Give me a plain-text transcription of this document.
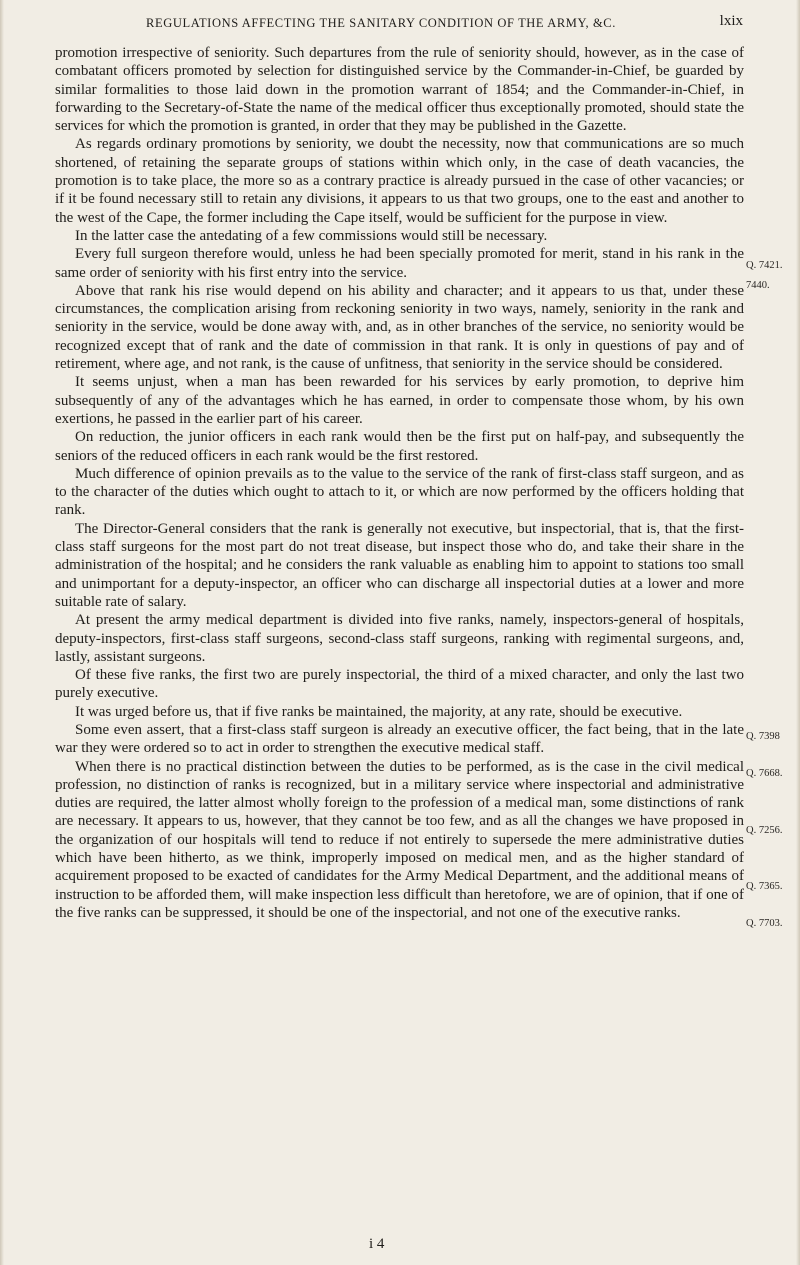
REGULATIONS AFFECTING THE SANITARY CONDITION OF THE ARMY, &C.	lxix

promotion irrespective of seniority. Such departures from the rule of seniority should, however, as in the case of combatant officers promoted by selection for distinguished service by the Commander-in-Chief, be guarded by similar formalities to those laid down in the promotion warrant of 1854; and the Commander-in-Chief, in forwarding to the Secretary-of-State the name of the medical officer thus exceptionally promoted, should state the services for which the promotion is granted, in order that they may be published in the Gazette.

As regards ordinary promotions by seniority, we doubt the necessity, now that communications are so much shortened, of retaining the separate groups of stations within which only, in the case of death vacancies, the promotion is to take place, the more so as a contrary practice is already pursued in the case of other vacancies; or if it be found necessary still to retain any divisions, it appears to us that two groups, one to the east and another to the west of the Cape, the former including the Cape itself, would be sufficient for the purpose in view.

In the latter case the antedating of a few commissions would still be necessary.

Every full surgeon therefore would, unless he had been specially promoted for merit, stand in his rank in the same order of seniority with his first entry into the service.

Above that rank his rise would depend on his ability and character; and it appears to us that, under these circumstances, the complication arising from reckoning seniority in two ways, namely, seniority in the rank and seniority in the service, would be done away with, and, as in other branches of the service, no seniority would be recognized except that of rank and the date of commission in that rank. It is only in questions of pay and of retirement, where age, and not rank, is the cause of unfitness, that seniority in the service should be considered.

It seems unjust, when a man has been rewarded for his services by early promotion, to deprive him subsequently of any of the advantages which he has earned, in order to compensate those whom, by his own exertions, he passed in the earlier part of his career.

On reduction, the junior officers in each rank would then be the first put on half-pay, and subsequently the seniors of the reduced officers in each rank would be the first restored.

Much difference of opinion prevails as to the value to the service of the rank of first-class staff surgeon, and as to the character of the duties which ought to attach to it, or which are now performed by the officers holding that rank.

The Director-General considers that the rank is generally not executive, but inspectorial, that is, that the first-class staff surgeons for the most part do not treat disease, but inspect those who do, and take their share in the administration of the hospital; and he considers the rank valuable as enabling him to appoint to stations too small and unimportant for a deputy-inspector, an officer who can discharge all inspectorial duties at a lower and more suitable rate of salary.

At present the army medical department is divided into five ranks, namely, inspectors-general of hospitals, deputy-inspectors, first-class staff surgeons, second-class staff surgeons, ranking with regimental surgeons, and, lastly, assistant surgeons.

Of these five ranks, the first two are purely inspectorial, the third of a mixed character, and only the last two purely executive.

It was urged before us, that if five ranks be maintained, the majority, at any rate, should be executive.

Some even assert, that a first-class staff surgeon is already an executive officer, the fact being, that in the late war they were ordered so to act in order to strengthen the executive medical staff.

When there is no practical distinction between the duties to be performed, as is the case in the civil medical profession, no distinction of ranks is recognized, but in a military service where inspectorial and administrative duties are required, the latter almost wholly foreign to the profession of a medical man, some distinctions of rank are necessary. It appears to us, however, that they cannot be too few, and as all the changes we have proposed in the organization of our hospitals will tend to reduce if not entirely to supersede the mere administrative duties which have been hitherto, as we think, improperly imposed on medical men, and as the higher standard of acquirement proposed to be exacted of candidates for the Army Medical Department, and the additional means of instruction to be afforded them, will make inspection less difficult than heretofore, we are of opinion, that if one of the five ranks can be suppressed, it should be one of the inspectorial, and not one of the executive ranks.

Q. 7421.
7440.
Q. 7398
Q. 7668.
Q. 7256.
Q. 7365.
Q. 7703.
i 4
